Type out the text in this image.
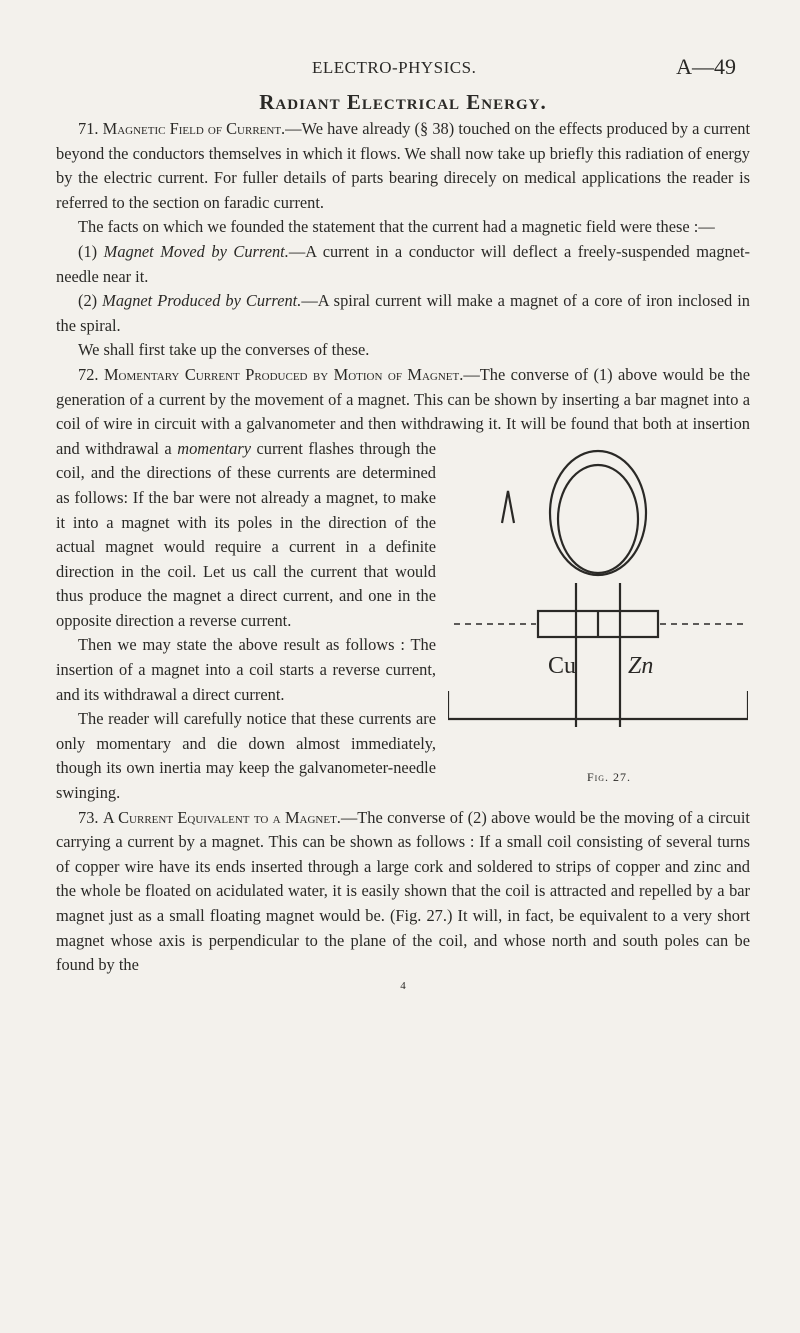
ELECTRO-PHYSICS.	A—49
Radiant Electrical Energy.

71. Magnetic Field of Current.—We have already (§ 38) touched on the effects produced by a current beyond the conductors themselves in which it flows. We shall now take up briefly this radiation of energy by the electric current. For fuller details of parts bearing direcely on medical applications the reader is referred to the section on faradic current.

The facts on which we founded the statement that the current had a magnetic field were these :—

(1) Magnet Moved by Current.—A current in a conductor will deflect a freely-suspended magnet-needle near it.

(2) Magnet Produced by Current.—A spiral current will make a magnet of a core of iron inclosed in the spiral.

We shall first take up the converses of these.

72. Momentary Current Produced by Motion of Magnet.—The converse of (1) above would be the generation of a current by the movement of a magnet. This can be shown by inserting a bar magnet into a coil of wire in circuit with a galvanometer and then withdrawing it. It will be found that both at insertion and withdrawal a momentary
Cu Zn
Fig. 27.
current flashes through the coil, and the directions of these currents are determined as follows: If the bar were not already a magnet, to make it into a magnet with its poles in the direction of the actual magnet would require a current in a definite direction in the coil. Let us call the current that would thus produce the magnet a direct current, and one in the opposite direction a reverse current.

Then we may state the above result as follows : The insertion of a magnet into a coil starts a reverse current, and its withdrawal a direct current.

The reader will carefully notice that these currents are only momentary and die down almost immediately, though its own inertia may keep the galvanometer-needle swinging.

73. A Current Equivalent to a Magnet.—The converse of (2) above would be the moving of a circuit carrying a current by a magnet. This can be shown as follows : If a small coil consisting of several turns of copper wire have its ends inserted through a large cork and soldered to strips of copper and zinc and the whole be floated on acidulated water, it is easily shown that the coil is attracted and repelled by a bar magnet just as a small floating magnet would be. (Fig. 27.) It will, in fact, be equivalent to a very short magnet whose axis is perpendicular to the plane of the coil, and whose north and south poles can be found by the

4
